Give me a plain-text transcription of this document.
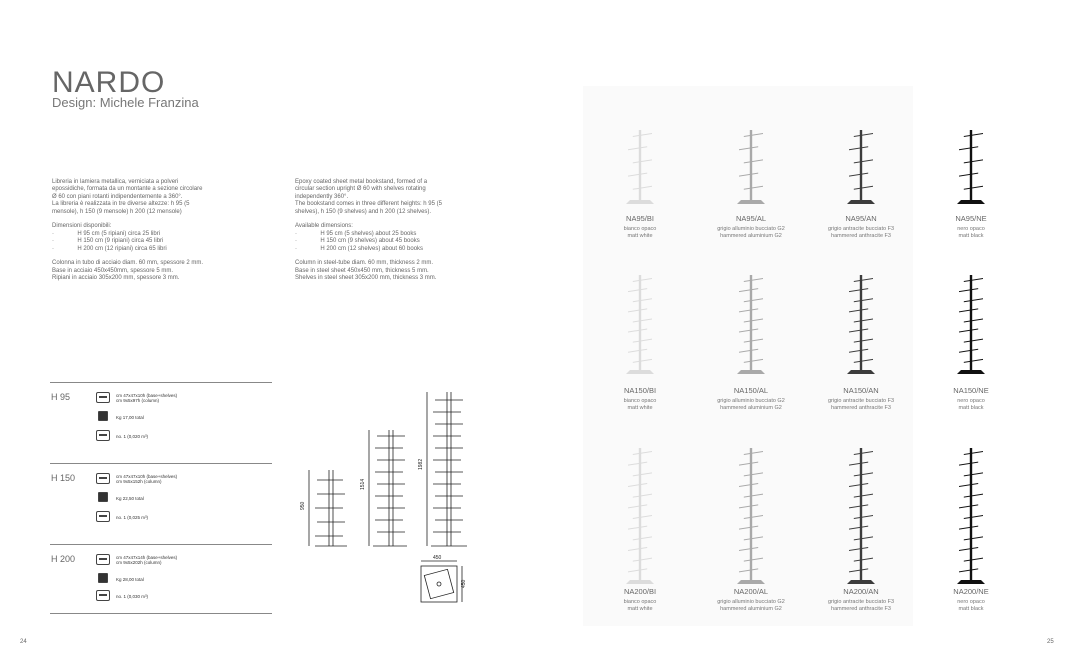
NARDO
Design: Michele Franzina
Libreria in lamiera metallica, verniciata a polveri
epossidiche, formata da un montante a sezione circolare
Ø 60 con piani rotanti indipendentemente a 360°.
La libreria è realizzata in tre diverse altezze: h 95 (5
mensole), h 150 (9 mensole) h 200 (12 mensole)

Dimensioni disponibili:
·              H 95 cm (5 ripiani) circa 25 libri
·              H 150 cm (9 ripiani) circa 45 libri
·              H 200 cm (12 ripiani) circa 65 libri

Colonna in tubo di acciaio diam. 60 mm, spessore 2 mm.
Base in acciaio 450x450mm, spessore 5 mm.
Ripiani in acciaio 305x200 mm, spessore 3 mm.
Epoxy coated sheet metal bookstand, formed of a
circular section upright Ø 60 with shelves rotating
independently 360°.
The bookstand comes in three different heights: h 95 (5
shelves), h 150 (9 shelves) and h 200 (12 shelves).

Available dimensions:
·              H 95 cm (5 shelves) about 25 books
·              H 150 cm (9 shelves) about 45 books
·              H 200 cm (12 shelves) about 60 books

Column in steel-tube diam. 60 mm, thickness 2 mm.
Base in steel sheet 450x450 mm, thickness 5 mm.
Shelves in steel sheet 305x200 mm, thickness 3 mm.
H 95	cm 47x47x10h (base+shelves)
cm 9x5x97h (column)
Kg 17,00 total
no. 1 (0,020 m³)
H 150	cm 47x47x10h (base+shelves)
cm 9x5x152h (column)
Kg 22,50 total
no. 1 (0,025 m³)
H 200	cm 47x47x14h (base+shelves)
cm 9x5x202h (column)
Kg 28,00 total
no. 1 (0,030 m³)
950
1514
1982
450
450
NA95/BI
bianco opaco
matt white
NA95/AL
grigio alluminio bucciato G2
hammered aluminium G2
NA95/AN
grigio antracite bucciato F3
hammered anthracite F3
NA95/NE
nero opaco
matt black
NA150/BI
bianco opaco
matt white
NA150/AL
grigio alluminio bucciato G2
hammered aluminium G2
NA150/AN
grigio antracite bucciato F3
hammered anthracite F3
NA150/NE
nero opaco
matt black
NA200/BI
bianco opaco
matt white
NA200/AL
grigio alluminio bucciato G2
hammered aluminium G2
NA200/AN
grigio antracite bucciato F3
hammered anthracite F3
NA200/NE
nero opaco
matt black
24	25
